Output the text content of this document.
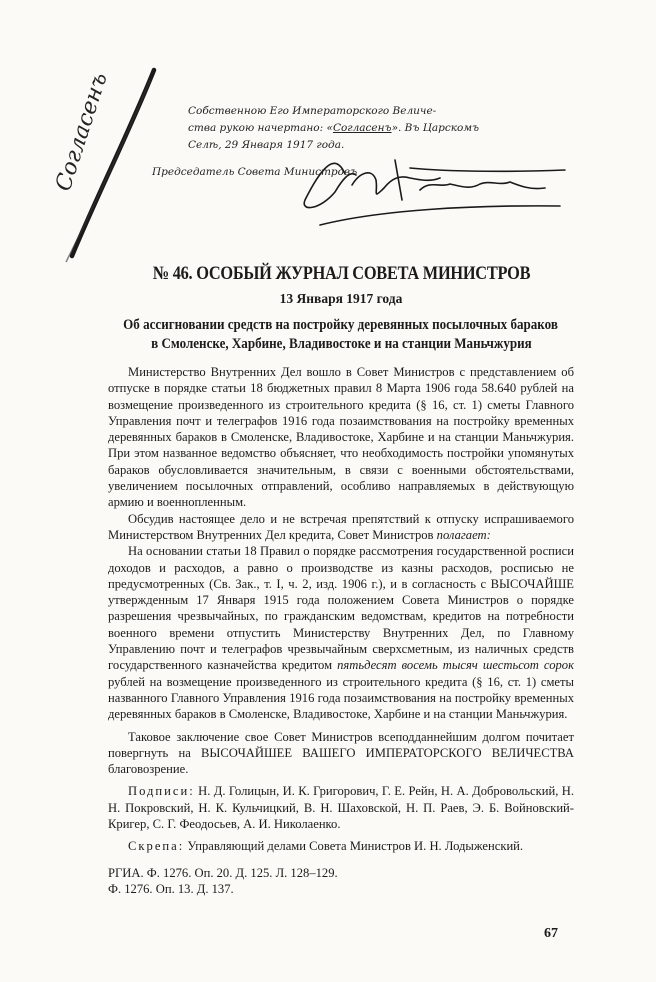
Согласенъ	Собственною Его Императорского Величе-
ства рукою начертано: «Согласенъ». Въ Царскомъ
Селѣ, 29 Января 1917 года.
Председатель Совета Министровъ
№ 46. ОСОБЫЙ ЖУРНАЛ СОВЕТА МИНИСТРОВ
13 Января 1917 года
Об ассигновании средств на постройку деревянных посылочных бараков
в Смоленске, Харбине, Владивостоке и на станции Маньчжурия

Министерство Внутренних Дел вошло в Совет Министров с представлением об отпуске в порядке статьи 18 бюджетных правил 8 Марта 1906 года 58.640 рублей на возмещение произведенного из строительного кредита (§ 16, ст. 1) сметы Главного Управления почт и телеграфов 1916 года позаимствования на постройку временных деревянных бараков в Смоленске, Владивостоке, Харбине и на станции Маньчжурия. При этом названное ведомство объясняет, что необходимость постройки упомянутых бараков обусловливается значительным, в связи с военными обстоятельствами, увеличением посылочных отправлений, особливо направляемых в действующую армию и военнопленным.

Обсудив настоящее дело и не встречая препятствий к отпуску испрашиваемого Министерством Внутренних Дел кредита, Совет Министров полагает:

На основании статьи 18 Правил о порядке рассмотрения государственной росписи доходов и расходов, а равно о производстве из казны расходов, росписью не предусмотренных (Св. Зак., т. I, ч. 2, изд. 1906 г.), и в согласность с ВЫСОЧАЙШЕ утвержденным 17 Января 1915 года положением Совета Министров о порядке разрешения чрезвычайных, по гражданским ведомствам, кредитов на потребности военного времени отпустить Министерству Внутренних Дел, по Главному Управлению почт и телеграфов чрезвычайным сверхсметным, из наличных средств государственного казначейства кредитом пятьдесят восемь тысяч шестьсот сорок рублей на возмещение произведенного из строительного кредита (§ 16, ст. 1) сметы названного Главного Управления 1916 года позаимствования на постройку временных деревянных бараков в Смоленске, Владивостоке, Харбине и на станции Маньчжурия.

Таковое заключение свое Совет Министров всеподданнейшим долгом почитает повергнуть на ВЫСОЧАЙШЕЕ ВАШЕГО ИМПЕРАТОРСКОГО ВЕЛИЧЕСТВА благовозрение.

Подписи: Н. Д. Голицын, И. К. Григорович, Г. Е. Рейн, Н. А. Добровольский, Н. Н. Покровский, Н. К. Кульчицкий, В. Н. Шаховской, Н. П. Раев, Э. Б. Войновский-Кригер, С. Г. Феодосьев, А. И. Николаенко.

Скрепа: Управляющий делами Совета Министров И. Н. Лодыженский.

РГИА. Ф. 1276. Оп. 20. Д. 125. Л. 128–129.
Ф. 1276. Оп. 13. Д. 137.
67
